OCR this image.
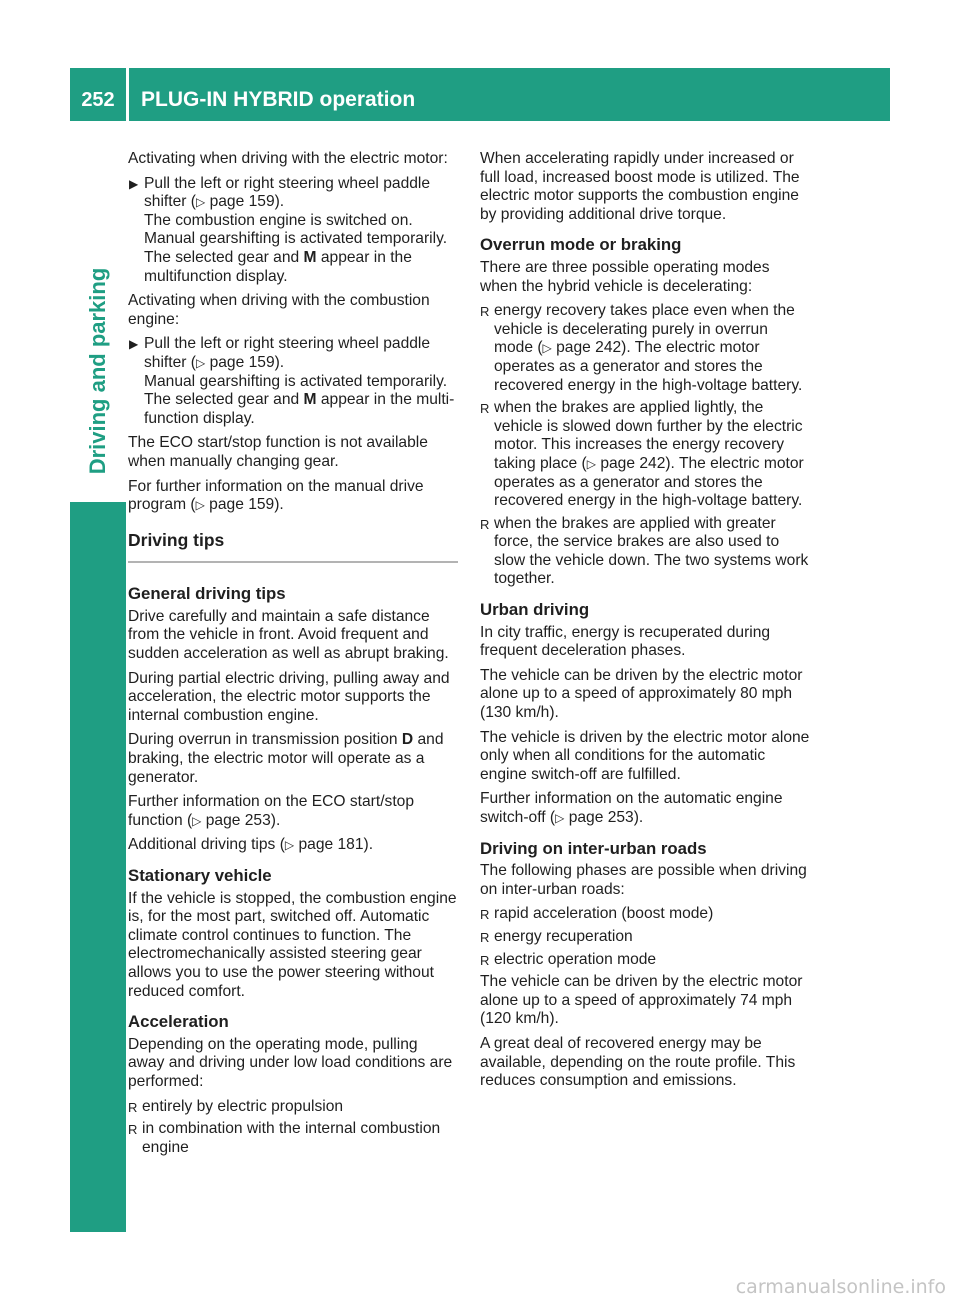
252	PLUG-IN HYBRID operation
Driving and parking

Activating when driving with the electric motor:

▶ Pull the left or right steering wheel paddle shifter (▷ page 159).
The combustion engine is switched on. Manual gearshifting is activated temporarily. The selected gear and M appear in the multifunction display.

Activating when driving with the combustion engine:

▶ Pull the left or right steering wheel paddle shifter (▷ page 159).
Manual gearshifting is activated temporarily. The selected gear and M appear in the multi-function display.

The ECO start/stop function is not available when manually changing gear.

For further information on the manual drive program (▷ page 159).

Driving tips
General driving tips

Drive carefully and maintain a safe distance from the vehicle in front. Avoid frequent and sudden acceleration as well as abrupt braking.

During partial electric driving, pulling away and acceleration, the electric motor supports the internal combustion engine.

During overrun in transmission position D and braking, the electric motor will operate as a generator.

Further information on the ECO start/stop function (▷ page 253).

Additional driving tips (▷ page 181).

Stationary vehicle

If the vehicle is stopped, the combustion engine is, for the most part, switched off. Automatic climate control continues to function. The electromechanically assisted steering gear allows you to use the power steering without reduced comfort.

Acceleration

Depending on the operating mode, pulling away and driving under low load conditions are performed:

R entirely by electric propulsion
R in combination with the internal combustion engine

When accelerating rapidly under increased or full load, increased boost mode is utilized. The electric motor supports the combustion engine by providing additional drive torque.

Overrun mode or braking

There are three possible operating modes when the hybrid vehicle is decelerating:

R energy recovery takes place even when the vehicle is decelerating purely in overrun mode (▷ page 242). The electric motor operates as a generator and stores the recovered energy in the high-voltage battery.
R when the brakes are applied lightly, the vehicle is slowed down further by the electric motor. This increases the energy recovery taking place (▷ page 242). The electric motor operates as a generator and stores the recovered energy in the high-voltage battery.
R when the brakes are applied with greater force, the service brakes are also used to slow the vehicle down. The two systems work together.
Urban driving

In city traffic, energy is recuperated during frequent deceleration phases.

The vehicle can be driven by the electric motor alone up to a speed of approximately 80 mph (130 km/h).

The vehicle is driven by the electric motor alone only when all conditions for the automatic engine switch-off are fulfilled.

Further information on the automatic engine switch-off (▷ page 253).

Driving on inter-urban roads

The following phases are possible when driving on inter-urban roads:

R rapid acceleration (boost mode)
R energy recuperation
R electric operation mode

The vehicle can be driven by the electric motor alone up to a speed of approximately 74 mph (120 km/h).

A great deal of recovered energy may be available, depending on the route profile. This reduces consumption and emissions.

carmanualsonline.info
